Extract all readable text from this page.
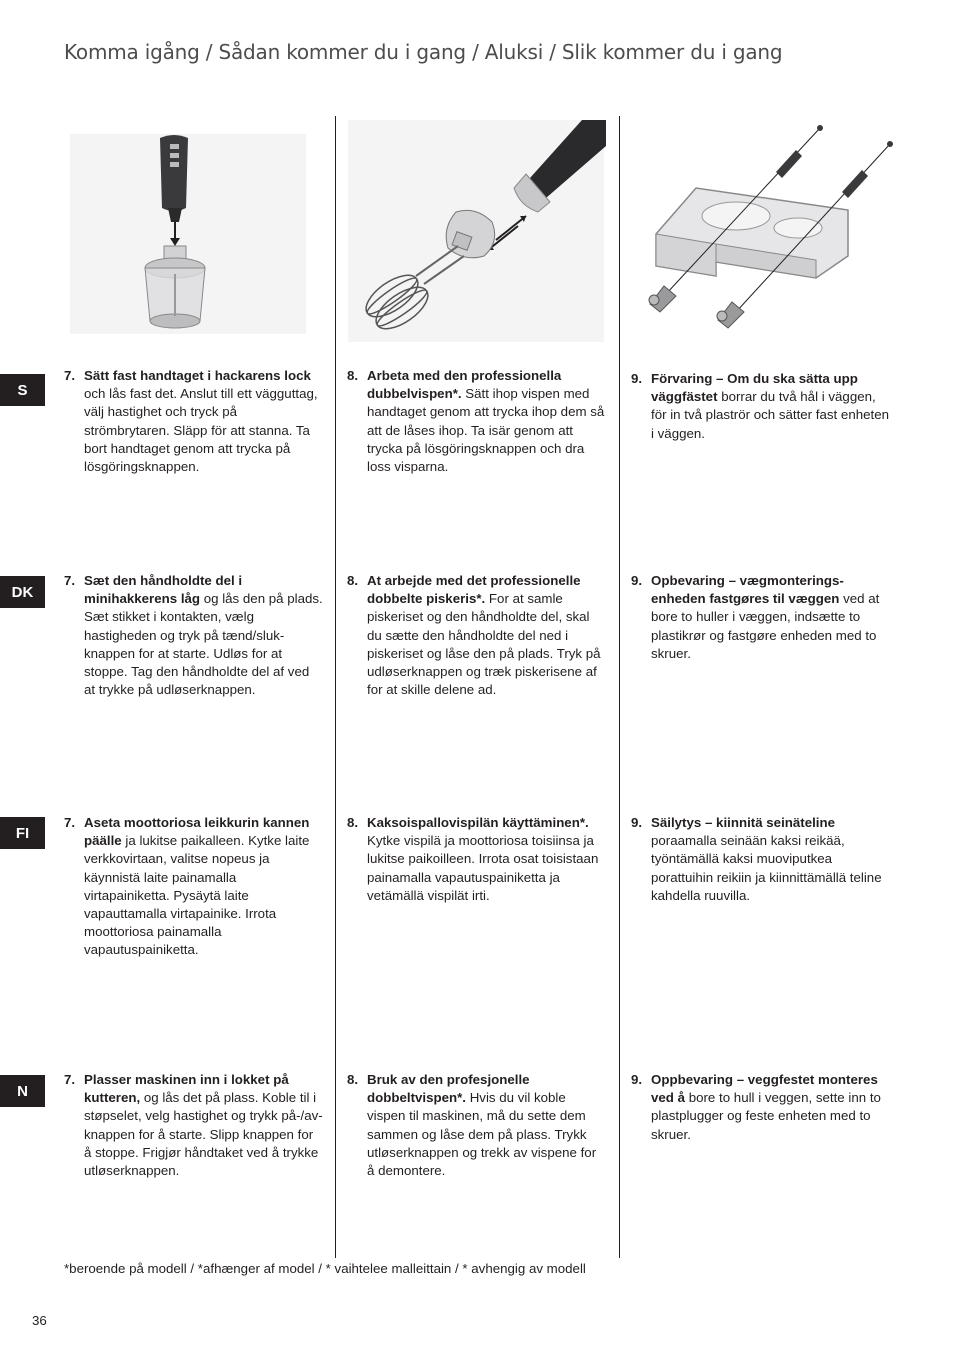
Komma igång / Sådan kommer du i gang / Aluksi / Slik kommer du i gang
S
DK
FI
N

7. Sätt fast handtaget i hackarens lock och lås fast det. Anslut till ett vägguttag, välj hastighet och tryck på strömbrytaren. Släpp för att stanna. Ta bort handtaget genom att trycka på lösgöringsknappen.

8. Arbeta med den professionella dubbelvispen*. Sätt ihop vispen med handtaget genom att trycka ihop dem så att de låses ihop. Ta isär genom att trycka på lösgöringsknappen och dra loss visparna.

9. Förvaring – Om du ska sätta upp väggfästet borrar du två hål i väggen, för in två plaströr och sätter fast enheten i väggen.

7. Sæt den håndholdte del i minihakkerens låg og lås den på plads. Sæt stikket i kontakten, vælg hastigheden og tryk på tænd/sluk-knappen for at starte. Udløs for at stoppe. Tag den håndholdte del af ved at trykke på udløserknappen.

8. At arbejde med det professionelle dobbelte piskeris*. For at samle piskeriset og den håndholdte del, skal du sætte den håndholdte del ned i piskeriset og låse den på plads. Tryk på udløserknappen og træk piskerisene af for at skille delene ad.

9. Opbevaring – vægmonterings-enheden fastgøres til væggen ved at bore to huller i væggen, indsætte to plastikrør og fastgøre enheden med to skruer.

7. Aseta moottoriosa leikkurin kannen päälle ja lukitse paikalleen. Kytke laite verkkovirtaan, valitse nopeus ja käynnistä laite painamalla virtapainiketta. Pysäytä laite vapauttamalla virtapainike. Irrota moottoriosa painamalla vapautuspainiketta.

8. Kaksoispallovispilän käyttäminen*. Kytke vispilä ja moottoriosa toisiinsa ja lukitse paikoilleen. Irrota osat toisistaan painamalla vapautuspainiketta ja vetämällä vispilät irti.

9. Säilytys – kiinnitä seinäteline poraamalla seinään kaksi reikää, työntämällä kaksi muoviputkea porattuihin reikiin ja kiinnittämällä teline kahdella ruuvilla.

7. Plasser maskinen inn i lokket på kutteren, og lås det på plass. Koble til i støpselet, velg hastighet og trykk på-/av-knappen for å starte. Slipp knappen for å stoppe. Frigjør håndtaket ved å trykke utløserknappen.

8. Bruk av den profesjonelle dobbeltvispen*. Hvis du vil koble vispen til maskinen, må du sette dem sammen og låse dem på plass. Trykk utløserknappen og trekk av vispene for å demontere.

9. Oppbevaring – veggfestet monteres ved å bore to hull i veggen, sette inn to plastplugger og feste enheten med to skruer.

*beroende på modell / *afhænger af model / * vaihtelee malleittain / * avhengig av modell
36
